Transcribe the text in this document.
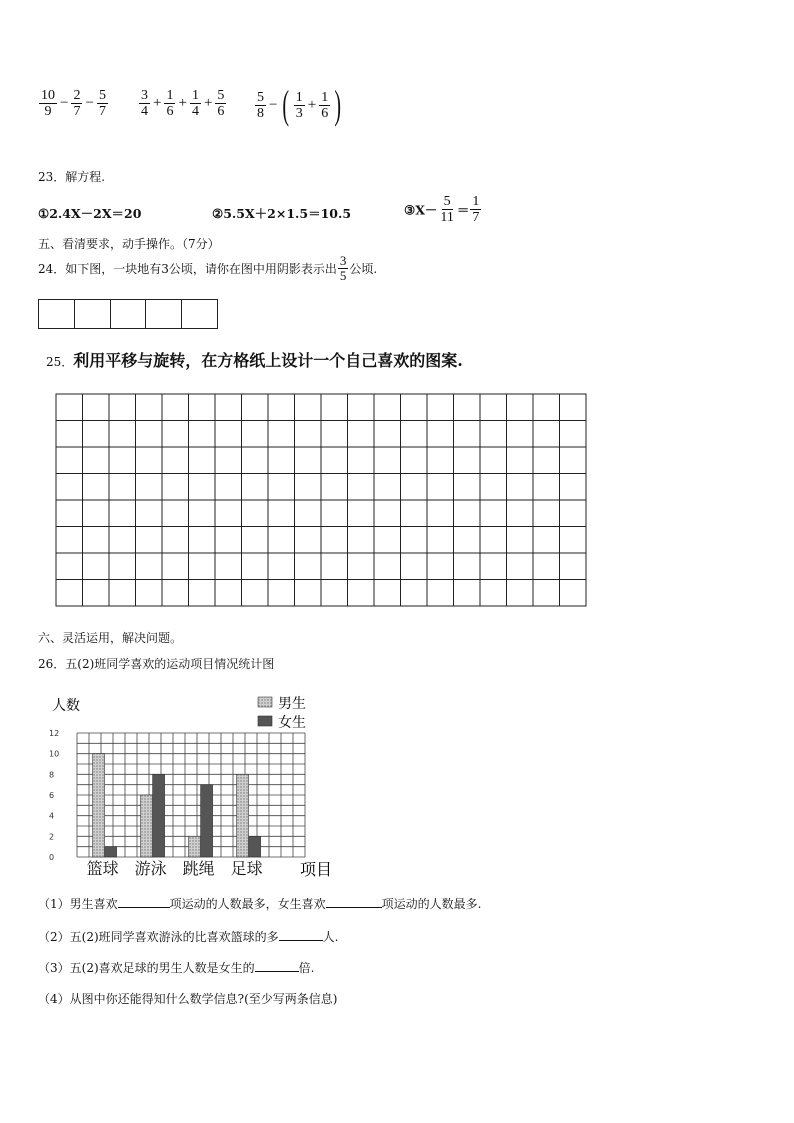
$\frac{10}{9} - \frac{2}{7} - \frac{5}{7} \frac{3}{4} + \frac{1}{6} + \frac{1}{4} + \frac{5}{6} \frac{5}{8}$ − ( $\frac{1}{3} + \frac{1}{6}$ )
23．解方程.
①2.4X－2X＝20	②5.5X＋2×1.5＝10.5	③X－ $\frac{5}{11} = \frac{1}{7}$
五、看清要求，动手操作。（7分）
24．如下图，一块地有3公顷，请你在图中用阴影表示出 $\frac{3}{5}$ 公顷.
25．利用平移与旋转，在方格纸上设计一个自己喜欢的图案.
六、灵活运用，解决问题。
26．五(2)班同学喜欢的运动项目情况统计图
人数	男生
女生
项目
0
2
4
6
8
10
12
篮球 游泳 跳绳 足球
（1）男生喜欢	项运动的人数最多，女生喜欢	项运动的人数最多.
（2）五(2)班同学喜欢游泳的比喜欢篮球的多	人.
（3）五(2)喜欢足球的男生人数是女生的	倍.
（4）从图中你还能得知什么数学信息?(至少写两条信息)
